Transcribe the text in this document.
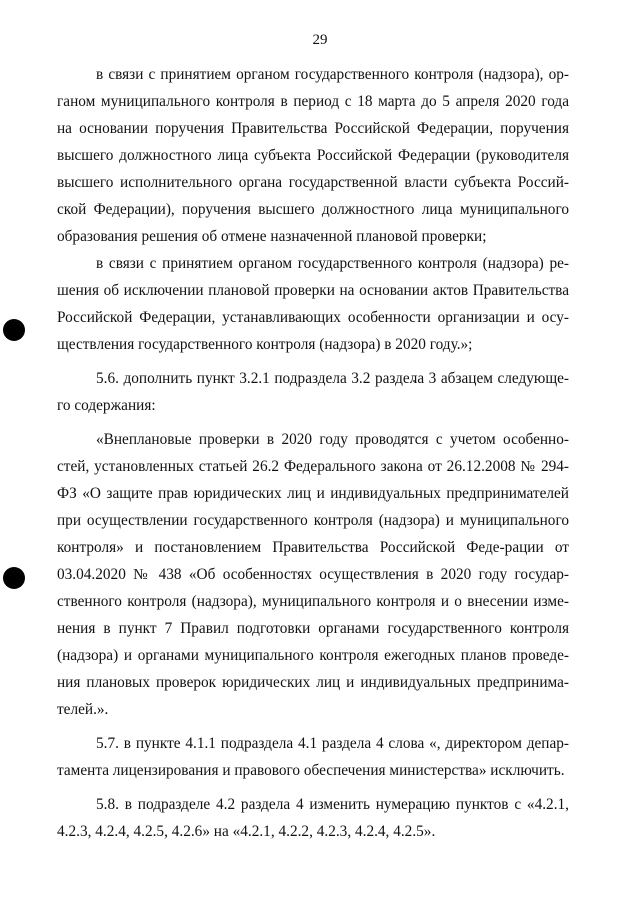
29
в связи с принятием органом государственного контроля (надзора), ор-
ганом муниципального контроля в период с 18 марта до 5 апреля 2020 года
на основании поручения Правительства Российской Федерации, поручения
высшего должностного лица субъекта Российской Федерации (руководителя
высшего исполнительного органа государственной власти субъекта Россий-
ской Федерации), поручения высшего должностного лица муниципального
образования решения об отмене назначенной плановой проверки;
в связи с принятием органом государственного контроля (надзора) ре-
шения об исключении плановой проверки на основании актов Правительства
Российской Федерации, устанавливающих особенности организации и осу-
ществления государственного контроля (надзора) в 2020 году.»;
5.6. дополнить пункт 3.2.1 подраздела 3.2 раздела 3 абзацем следующе-
го содержания:
«Внеплановые проверки в 2020 году проводятся с учетом особенно-
стей, установленных статьей 26.2 Федерального закона от 26.12.2008 № 294-
ФЗ «О защите прав юридических лиц и индивидуальных предпринимателей
при осуществлении государственного контроля (надзора) и муниципального
контроля» и постановлением Правительства Российской Феде-рации от
03.04.2020 № 438 «Об особенностях осуществления в 2020 году государ-
ственного контроля (надзора), муниципального контроля и о внесении изме-
нения в пункт 7 Правил подготовки органами государственного контроля
(надзора) и органами муниципального контроля ежегодных планов проведе-
ния плановых проверок юридических лиц и индивидуальных предпринима-
телей.».
5.7. в пункте 4.1.1 подраздела 4.1 раздела 4 слова «, директором депар-
тамента лицензирования и правового обеспечения министерства» исключить.
5.8. в подразделе 4.2 раздела 4 изменить нумерацию пунктов с «4.2.1,
4.2.3, 4.2.4, 4.2.5, 4.2.6» на «4.2.1, 4.2.2, 4.2.3, 4.2.4, 4.2.5».
